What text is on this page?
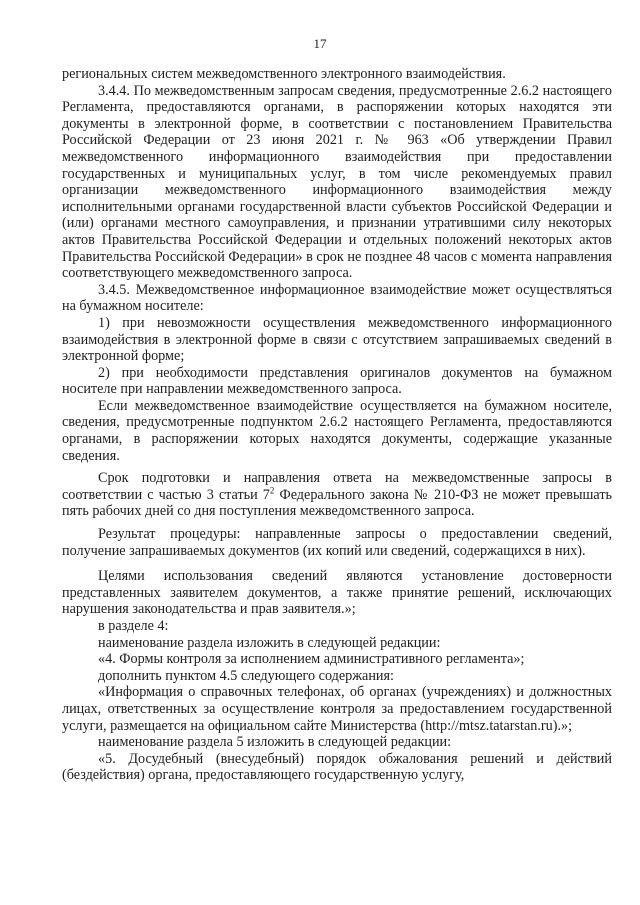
17

региональных систем межведомственного электронного взаимодействия.

3.4.4. По межведомственным запросам сведения, предусмотренные 2.6.2 настоящего Регламента, предоставляются органами, в распоряжении которых находятся эти документы в электронной форме, в соответствии с постановлением Правительства Российской Федерации от 23 июня 2021 г. № 963 «Об утверждении Правил межведомственного информационного взаимодействия при предоставлении государственных и муниципальных услуг, в том числе рекомендуемых правил организации межведомственного информационного взаимодействия между исполнительными органами государственной власти субъектов Российской Федерации и (или) органами местного самоуправления, и признании утратившими силу некоторых актов Правительства Российской Федерации и отдельных положений некоторых актов Правительства Российской Федерации» в срок не позднее 48 часов с момента направления соответствующего межведомственного запроса.

3.4.5. Межведомственное информационное взаимодействие может осуществляться на бумажном носителе:

1) при невозможности осуществления межведомственного информационного взаимодействия в электронной форме в связи с отсутствием запрашиваемых сведений в электронной форме;

2) при необходимости представления оригиналов документов на бумажном носителе при направлении межведомственного запроса.

Если межведомственное взаимодействие осуществляется на бумажном носителе, сведения, предусмотренные подпунктом 2.6.2 настоящего Регламента, предоставляются органами, в распоряжении которых находятся документы, содержащие указанные сведения.

Срок подготовки и направления ответа на межведомственные запросы в соответствии с частью 3 статьи $7^2$ Федерального закона № 210-ФЗ не может превышать пять рабочих дней со дня поступления межведомственного запроса.

Результат процедуры: направленные запросы о предоставлении сведений, получение запрашиваемых документов (их копий или сведений, содержащихся в них).

Целями использования сведений являются установление достоверности представленных заявителем документов, а также принятие решений, исключающих нарушения законодательства и прав заявителя.»;

в разделе 4:

наименование раздела изложить в следующей редакции:

«4. Формы контроля за исполнением административного регламента»;

дополнить пунктом 4.5 следующего содержания:

«Информация о справочных телефонах, об органах (учреждениях) и должностных лицах, ответственных за осуществление контроля за предоставлением государственной услуги, размещается на официальном сайте Министерства (http://mtsz.tatarstan.ru).»;

наименование раздела 5 изложить в следующей редакции:

«5. Досудебный (внесудебный) порядок обжалования решений и действий (бездействия) органа, предоставляющего государственную услугу,
